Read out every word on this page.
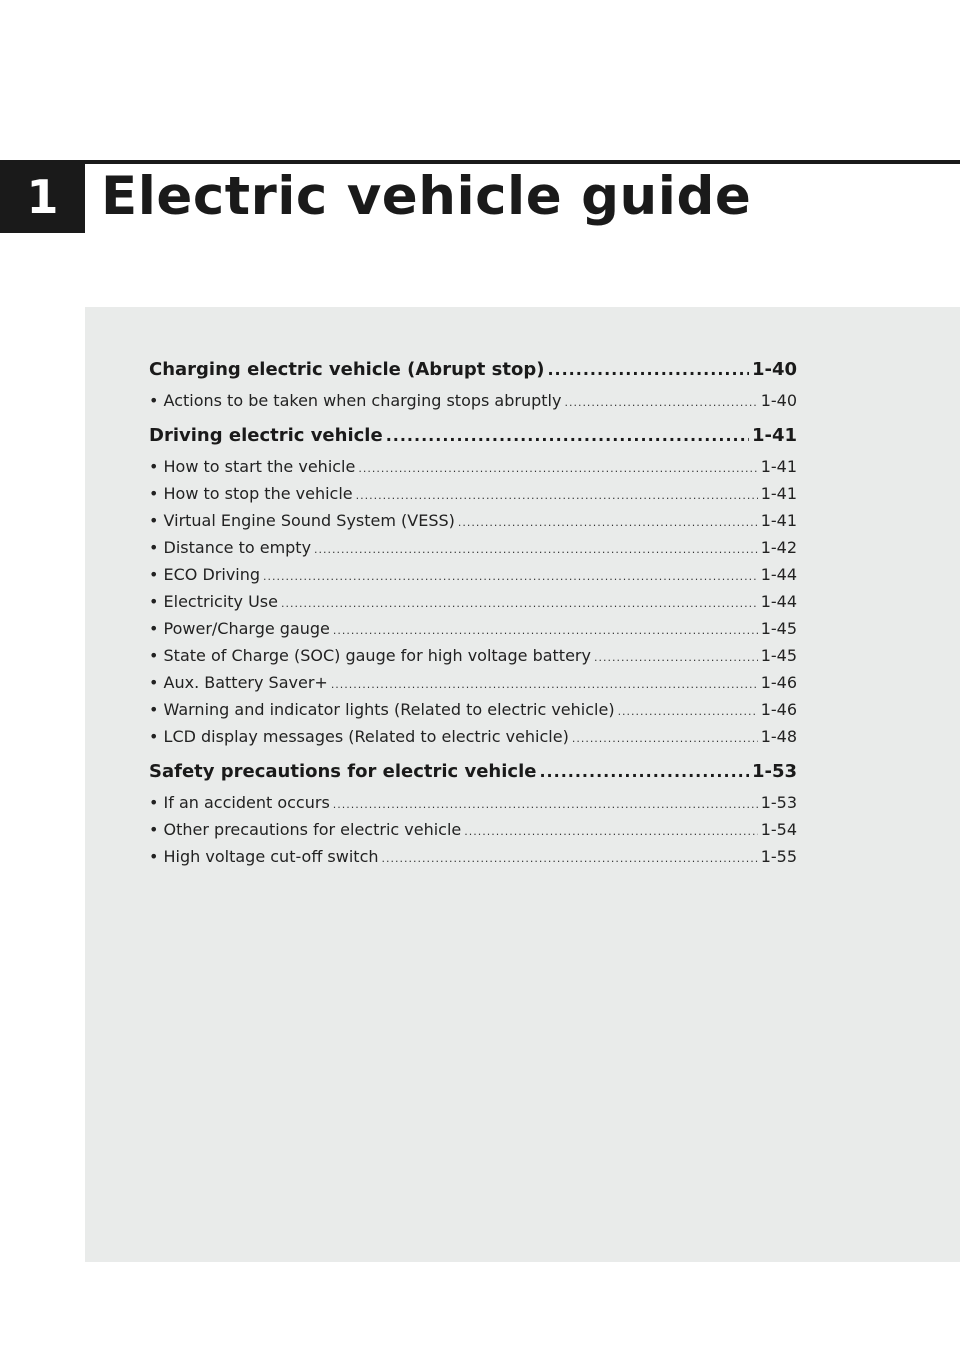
1 Electric vehicle guide
Charging electric vehicle (Abrupt stop) .....	1-40
• Actions to be taken when charging stops abruptly .....	1-40
Driving electric vehicle .....	1-41
• How to start the vehicle .....	1-41
• How to stop the vehicle .....	1-41
• Virtual Engine Sound System (VESS) .....	1-41
• Distance to empty .....	1-42
• ECO Driving .....	1-44
• Electricity Use .....	1-44
• Power/Charge gauge .....	1-45
• State of Charge (SOC) gauge for high voltage battery .....	1-45
• Aux. Battery Saver+ .....	1-46
• Warning and indicator lights (Related to electric vehicle) .....	1-46
• LCD display messages (Related to electric vehicle) .....	1-48
Safety precautions for electric vehicle .....	1-53
• If an accident occurs .....	1-53
• Other precautions for electric vehicle .....	1-54
• High voltage cut-off switch .....	1-55
